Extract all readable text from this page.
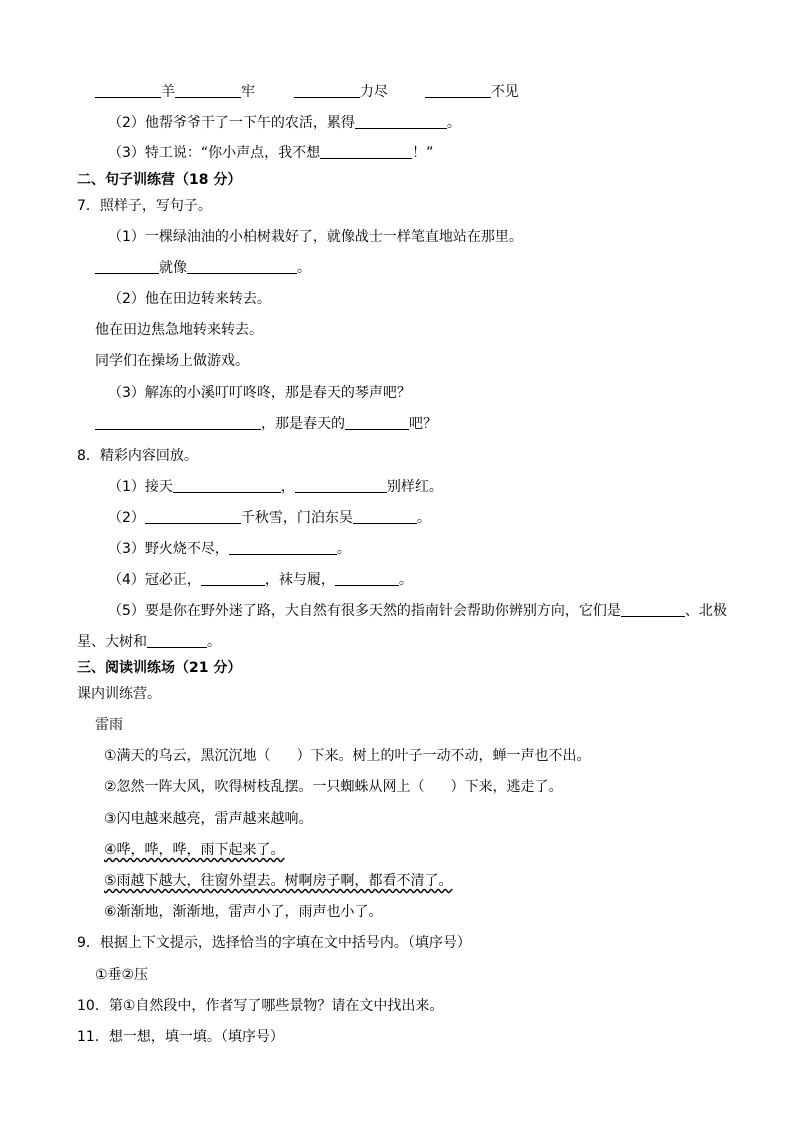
羊	牢	力尽	不见
（2）他帮爷爷干了一下午的农活，累得	。
（3）特工说：“你小声点，我不想	！”
二、句子训练营（18 分）
7．照样子，写句子。
（1）一棵绿油油的小柏树栽好了，就像战士一样笔直地站在那里。
就像	。
（2）他在田边转来转去。
他在田边焦急地转来转去。
同学们在操场上做游戏。
（3）解冻的小溪叮叮咚咚，那是春天的琴声吧？
，那是春天的	吧？
8．精彩内容回放。
（1）接天	，	别样红。
（2）	千秋雪，门泊东吴	。
（3）野火烧不尽，	。
（4）冠必正，	，袜与履，	。
（5）要是你在野外迷了路，大自然有很多天然的指南针会帮助你辨别方向，它们是	、北极
星、大树和	。
三、阅读训练场（21 分）
课内训练营。
雷雨
①满天的乌云，黑沉沉地（ ）下来。树上的叶子一动不动，蝉一声也不出。
②忽然一阵大风，吹得树枝乱摆。一只蜘蛛从网上（ ）下来，逃走了。
③闪电越来越亮，雷声越来越响。
④哗，哗，哗，雨下起来了。
⑤雨越下越大，往窗外望去。树啊房子啊，都看不清了。
⑥渐渐地，渐渐地，雷声小了，雨声也小了。
9．根据上下文提示，选择恰当的字填在文中括号内。（填序号）
①垂②压
10．第①自然段中，作者写了哪些景物？请在文中找出来。
11．想一想，填一填。（填序号）
